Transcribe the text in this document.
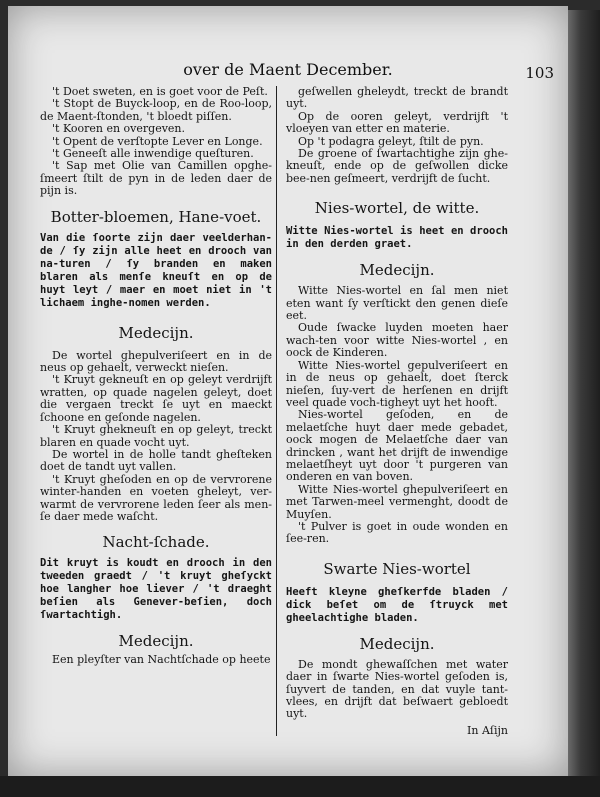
over de Maent December.	103

't Doet sweten, en is goet voor de Peſt.

't Stopt de Buyck-loop, en de Roo-loop, de Maent-ſtonden, 't bloedt piſſen.

't Kooren en overgeven.

't Opent de verſtopte Lever en Longe.

't Geneeſt alle inwendige queſturen.

't Sap met Olie van Camillen opghe-ſmeert ſtilt de pyn in de leden daer de pijn is.

Botter-bloemen, Hane-voet.

Van die ſoorte zijn daer veelderhan-de / ſy zijn alle heet en drooch van na-turen / ſy branden en maken blaren als menſe kneuſt en op de huyt leyt / maer en moet niet in 't lichaem inghe-nomen werden.

Medecijn.

De wortel ghepulveriſeert en in de neus op gehaelt, verweckt nieſen.

't Kruyt gekneuſt en op geleyt verdrijft wratten, op quade nagelen geleyt, doet die vergaen treckt ſe uyt en maeckt ſchoone en geſonde nagelen.

't Kruyt ghekneuſt en op geleyt, treckt blaren en quade vocht uyt.

De wortel in de holle tandt gheſteken doet de tandt uyt vallen.

't Kruyt gheſoden en op de vervrorene winter-handen en voeten gheleyt, ver-warmt de vervrorene leden ſeer als men-ſe daer mede waſcht.

Nacht-ſchade.

Dit kruyt is koudt en drooch in den tweeden graedt / 't kruyt gheſyckt hoe langher hoe liever / 't draeght beſien als Genever-beſien, doch ſwartachtigh.

Medecijn.

Een pleyſter van Nachtſchade op heete

geſwellen gheleydt, treckt de brandt uyt.

Op de ooren geleyt, verdrijft 't vloeyen van etter en materie.

Op 't podagra geleyt, ſtilt de pyn.

De groene of ſwartachtighe zijn ghe-kneuſt, ende op de geſwollen dicke bee-nen geſmeert, verdrijft de ſucht.

Nies-wortel, de witte.

Witte Nies-wortel is heet en drooch in den derden graet.

Medecijn.

Witte Nies-wortel en ſal men niet eten want ſy verſtickt den genen dieſe eet.

Oude ſwacke luyden moeten haer wach-ten voor witte Nies-wortel , en oock de Kinderen.

Witte Nies-wortel gepulveriſeert en in de neus op gehaelt, doet ſterck nieſen, ſuy-vert de herſenen en drijft veel quade voch-tigheyt uyt het hooft.

Nies-wortel geſoden, en de melaetſche huyt daer mede gebadet, oock mogen de Melaetſche daer van drincken , want het drijft de inwendige melaetſheyt uyt door 't purgeren van onderen en van boven.

Witte Nies-wortel ghepulveriſeert en met Tarwen-meel vermenght, doodt de Muyſen.

't Pulver is goet in oude wonden en ſee-ren.

Swarte Nies-wortel

Heeft kleyne gheſkerfde bladen / dick beſet om de ſtruyck met gheelachtighe bladen.

Medecijn.

De mondt ghewaſſchen met water daer in ſwarte Nies-wortel geſoden is, ſuyvert de tanden, en dat vuyle tant-vlees, en drijft dat beſwaert gebloedt uyt.

In Aſijn
